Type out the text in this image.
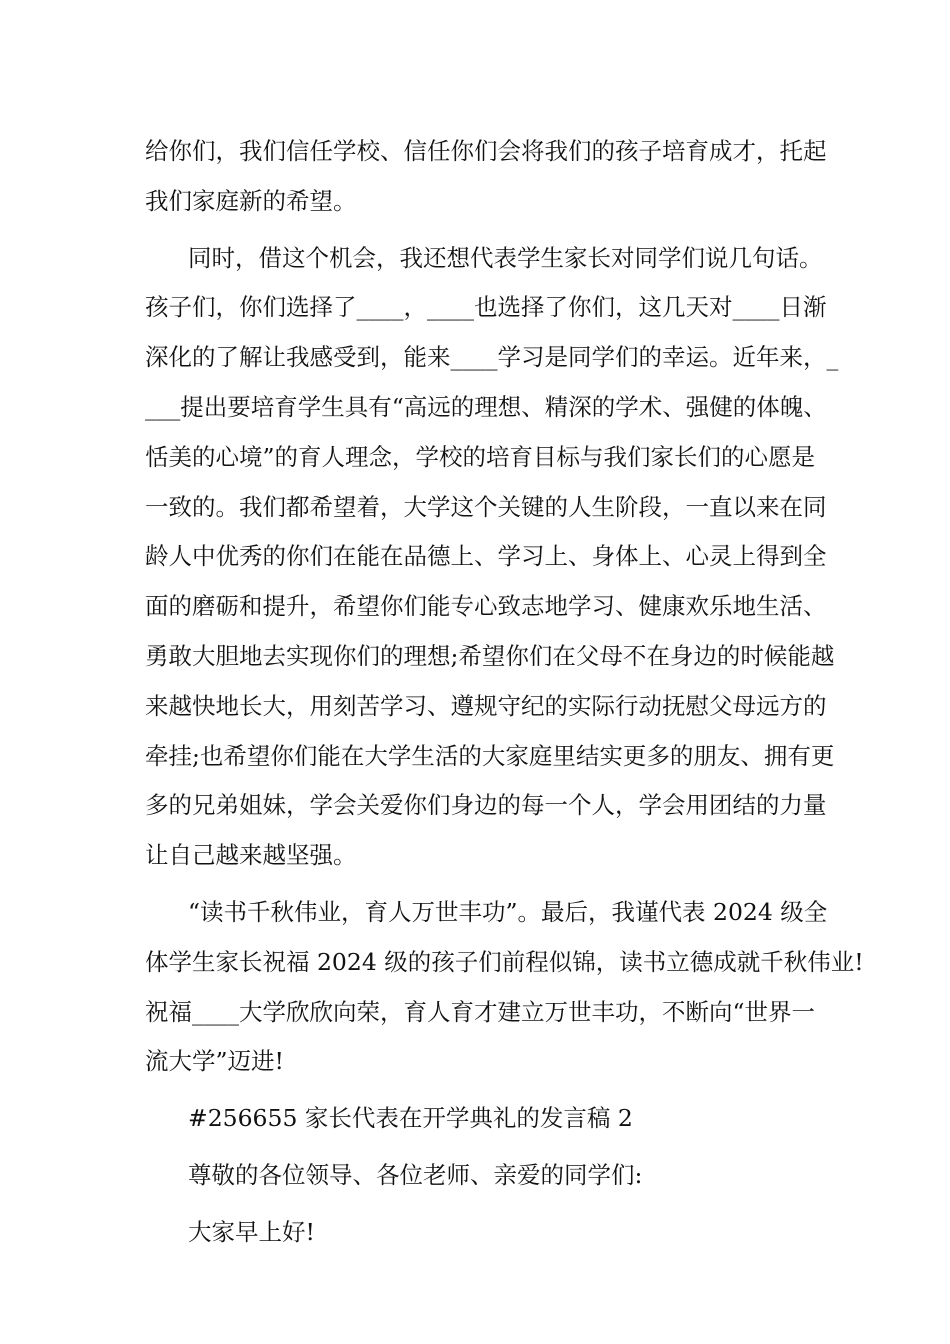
给你们，我们信任学校、信任你们会将我们的孩子培育成才，托起
我们家庭新的希望。
同时，借这个机会，我还想代表学生家长对同学们说几句话。
孩子们，你们选择了____，____也选择了你们，这几天对____日渐
深化的了解让我感受到，能来____学习是同学们的幸运。近年来，_
___提出要培育学生具有“高远的理想、精深的学术、强健的体魄、
恬美的心境”的育人理念，学校的培育目标与我们家长们的心愿是
一致的。我们都希望着，大学这个关键的人生阶段，一直以来在同
龄人中优秀的你们在能在品德上、学习上、身体上、心灵上得到全
面的磨砺和提升，希望你们能专心致志地学习、健康欢乐地生活、
勇敢大胆地去实现你们的理想;希望你们在父母不在身边的时候能越
来越快地长大，用刻苦学习、遵规守纪的实际行动抚慰父母远方的
牵挂;也希望你们能在大学生活的大家庭里结实更多的朋友、拥有更
多的兄弟姐妹，学会关爱你们身边的每一个人，学会用团结的力量
让自己越来越坚强。
“读书千秋伟业，育人万世丰功”。最后，我谨代表 2024 级全
体学生家长祝福 2024 级的孩子们前程似锦，读书立德成就千秋伟业!
祝福____大学欣欣向荣，育人育才建立万世丰功，不断向“世界一
流大学”迈进!
#256655 家长代表在开学典礼的发言稿 2
尊敬的各位领导、各位老师、亲爱的同学们:
大家早上好!
